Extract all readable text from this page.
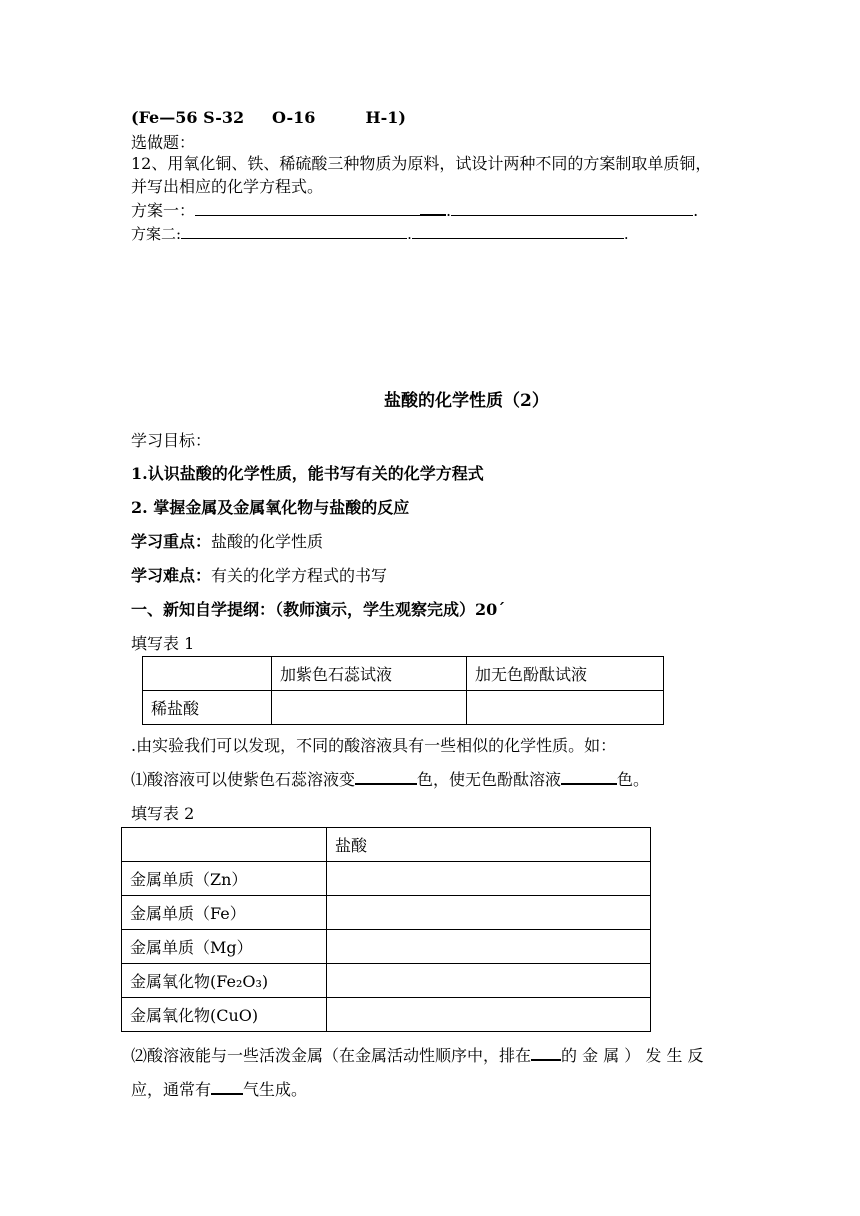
(Fe—56 S-32     O-16         H-1)
选做题：
12、用氧化铜、铁、稀硫酸三种物质为原料，试设计两种不同的方案制取单质铜，
并写出相应的化学方程式。
方案一：	.	.
方案二:	.	.
盐酸的化学性质（2）
学习目标：
1.认识盐酸的化学性质，能书写有关的化学方程式
2. 掌握金属及金属氧化物与盐酸的反应
学习重点：盐酸的化学性质
学习难点：有关的化学方程式的书写
一、新知自学提纲：（教师演示，学生观察完成）20´
填写表 1
	加紫色石蕊试液	加无色酚酞试液
稀盐酸		
.由实验我们可以发现，不同的酸溶液具有一些相似的化学性质。如：
⑴酸溶液可以使紫色石蕊溶液变	色，使无色酚酞溶液	色。
填写表 2
	盐酸
金属单质（Zn）	
金属单质（Fe）	
金属单质（Mg）	
金属氧化物(Fe₂O₃)	
金属氧化物(CuO)	
⑵酸溶液能与一些活泼金属（在金属活动性顺序中，排在 的 金 属 ） 发 生 反
应，通常有 气生成。
